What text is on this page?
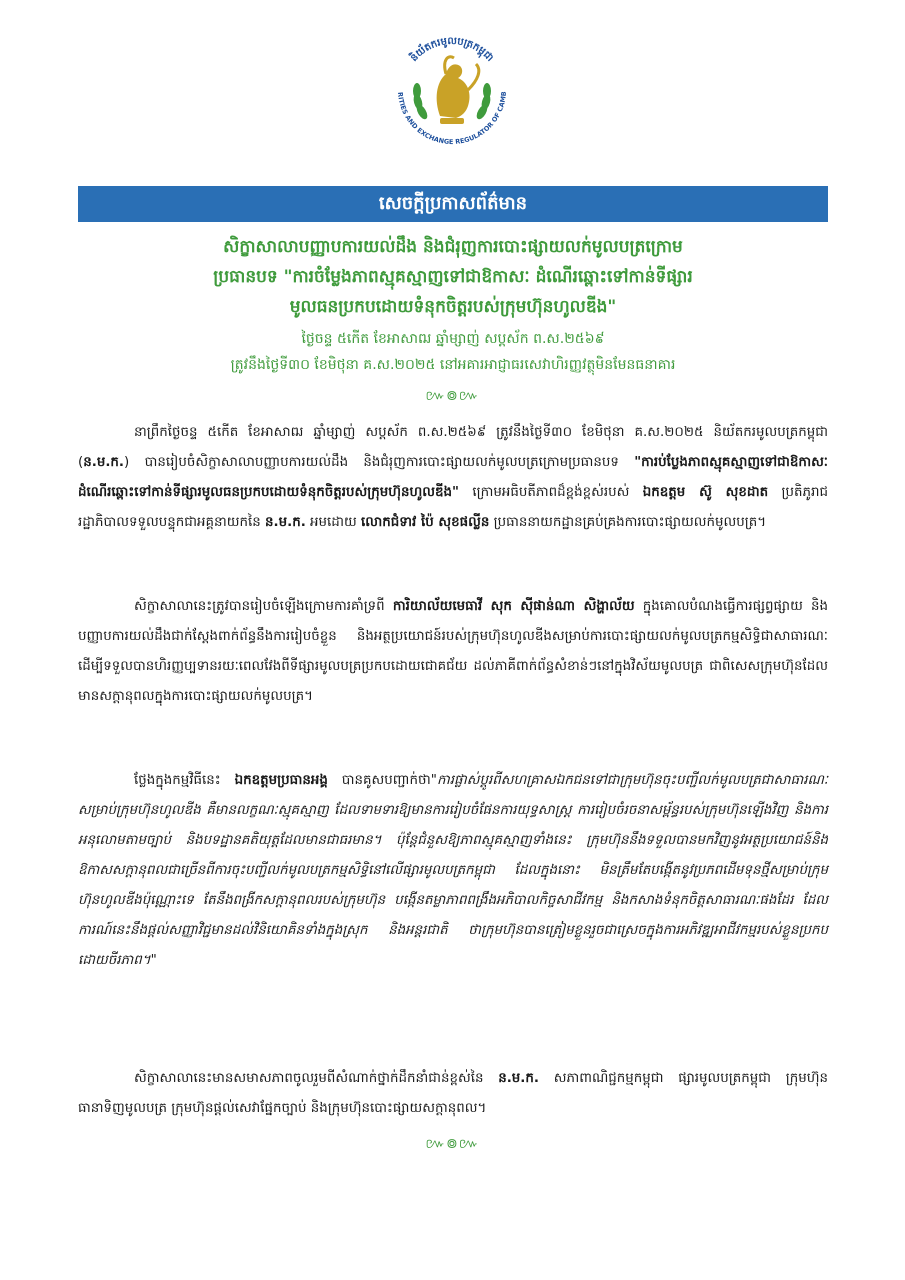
និយ័តករមូលបត្រកម្ពុជា
RITIES AND EXCHANGE REGULATOR OF CAMB
សេចក្តីប្រកាសព័ត៌មាន
សិក្ខាសាលាបញ្ញាបការយល់ដឹង និងជំរុញការបោះផ្សាយលក់មូលបត្រក្រោម
ប្រធានបទ "ការចំម្លែងភាពស្មុគស្មាញទៅជាឱកាសៈ ដំណើរឆ្ពោះទៅកាន់ទីផ្សារ
មូលធនប្រកបដោយទំនុកចិត្តរបស់ក្រុមហ៊ុនហូលឌីង"
ថ្ងៃចន្ទ ៥កើត ខែអាសាឍ ឆ្នាំម្សាញ់ សប្តស័ក ព.ស.២៥៦៩
ត្រូវនឹងថ្ងៃទី៣០ ខែមិថុនា គ.ស.២០២៥ នៅអគារអាជ្ញាធរសេវាហិរញ្ញវត្ថុមិនមែនធនាគារ
៚៙៚

នាព្រឹកថ្ងៃចន្ទ ៥កើត ខែអាសាឍ ឆ្នាំម្សាញ់ សប្តស័ក ព.ស.២៥៦៩ ត្រូវនឹងថ្ងៃទី៣០ ខែមិថុនា គ.ស.២០២៥ និយ័តករមូលបត្រកម្ពុជា (ន.ម.ក.) បានរៀបចំសិក្ខាសាលាបញ្ញាបការយល់ដឹង និងជំរុញការបោះផ្សាយលក់មូលបត្រក្រោមប្រធានបទ "ការប់ប្លែងភាពស្មុគស្មាញទៅជាឱកាសៈ ដំណើរឆ្ពោះទៅកាន់ទីផ្សារមូលធនប្រកបដោយទំនុកចិត្តរបស់ក្រុមហ៊ុនហូលឌីង" ក្រោមអធិបតីភាពដ៏ខ្ពង់ខ្ពស់របស់ ឯកឧត្តម ស៊ូ សុខដាត ប្រតិភូរាជរដ្ឋាភិបាលទទួលបន្ទុកជាអគ្គនាយកនៃ ន.ម.ក. អមដោយ លោកជំទាវ ប៉ៃ សុខផល្លីន ប្រធាននាយកដ្ឋានគ្រប់គ្រងការបោះផ្សាយលក់មូលបត្រ។

សិក្ខាសាលានេះត្រូវបានរៀបចំឡើងក្រោមការគាំទ្រពី ការិយាល័យមេធាវី សុក ស៊ីផាន់ណា សិង្ហាល័យ ក្នុងគោលបំណងធ្វើការផ្សព្វផ្សាយ និងបញ្ញាបការយល់ដឹងជាក់ស្តែងពាក់ព័ន្ធនឹងការរៀបចំខ្លួន និងអត្ថប្រយោជន៍របស់ក្រុមហ៊ុនហូលឌីងសម្រាប់ការបោះផ្សាយលក់មូលបត្រកម្មសិទ្ធិជាសាធារណៈដើម្បីទទួលបានហិរញ្ញប្បទានរយៈពេលវែងពីទីផ្សារមូលបត្រប្រកបដោយជោគជ័យ ដល់ភាគីពាក់ព័ន្ធសំខាន់ៗនៅក្នុងវិស័យមូលបត្រ ជាពិសេសក្រុមហ៊ុនដែលមានសក្តានុពលក្នុងការបោះផ្សាយលក់មូលបត្រ។

ថ្លែងក្នុងកម្មវិធីនេះ ឯកឧត្តមប្រធានអង្គ បានគូសបញ្ជាក់ថា"ការផ្លាស់ប្តូរពីសហគ្រាសឯកជនទៅជាក្រុមហ៊ុនចុះបញ្ជីលក់មូលបត្រជាសាធារណៈសម្រាប់ក្រុមហ៊ុនហូលឌីង គឺមានលក្ខណៈស្មុគស្មាញ ដែលទាមទារឱ្យមានការរៀបចំផែនការយុទ្ធសាស្ត្រ ការរៀបចំរចនាសម្ព័ន្ធរបស់ក្រុមហ៊ុនឡើងវិញ និងការអនុលោមតាមច្បាប់ និងបទដ្ឋានគតិយុត្តដែលមានជាធរមាន។ ប៉ុន្តែជំនួសឱ្យភាពស្មុគស្មាញទាំងនេះ ក្រុមហ៊ុននឹងទទួលបានមកវិញនូវអត្ថប្រយោជន៍និងឱកាសសក្តានុពលជាច្រើនពីការចុះបញ្ជីលក់មូលបត្រកម្មសិទ្ធិនៅលើផ្សារមូលបត្រកម្ពុជា ដែលក្នុងនោះ មិនត្រឹមតែបង្កើតនូវប្រភពដើមទុនថ្មីសម្រាប់ក្រុមហ៊ុនហូលឌីងប៉ុណ្ណោះទេ តែនឹងពង្រីកសក្តានុពលរបស់ក្រុមហ៊ុន បង្កើនតម្លាភាពពង្រឹងអភិបាលកិច្ចសាជីវកម្ម និងកសាងទំនុកចិត្តសាធារណៈផងដែរ ដែលការណ៍នេះនឹងផ្តល់សញ្ញាវិជ្ជមានដល់វិនិយោគិនទាំងក្នុងស្រុក និងអន្តរជាតិ ថាក្រុមហ៊ុនបានត្រៀមខ្លួនរួចជាស្រេចក្នុងការអភិវឌ្ឍអាជីវកម្មរបស់ខ្លួនប្រកបដោយចីរភាព។"

សិក្ខាសាលានេះមានសមាសភាពចូលរួមពីសំណាក់ថ្នាក់ដឹកនាំជាន់ខ្ពស់នៃ ន.ម.ក. សភាពាណិជ្ជកម្មកម្ពុជា ផ្សារមូលបត្រកម្ពុជា ក្រុមហ៊ុនធានាទិញមូលបត្រ ក្រុមហ៊ុនផ្តល់សេវាផ្នែកច្បាប់ និងក្រុមហ៊ុនបោះផ្សាយសក្តានុពល។

៚៙៚
